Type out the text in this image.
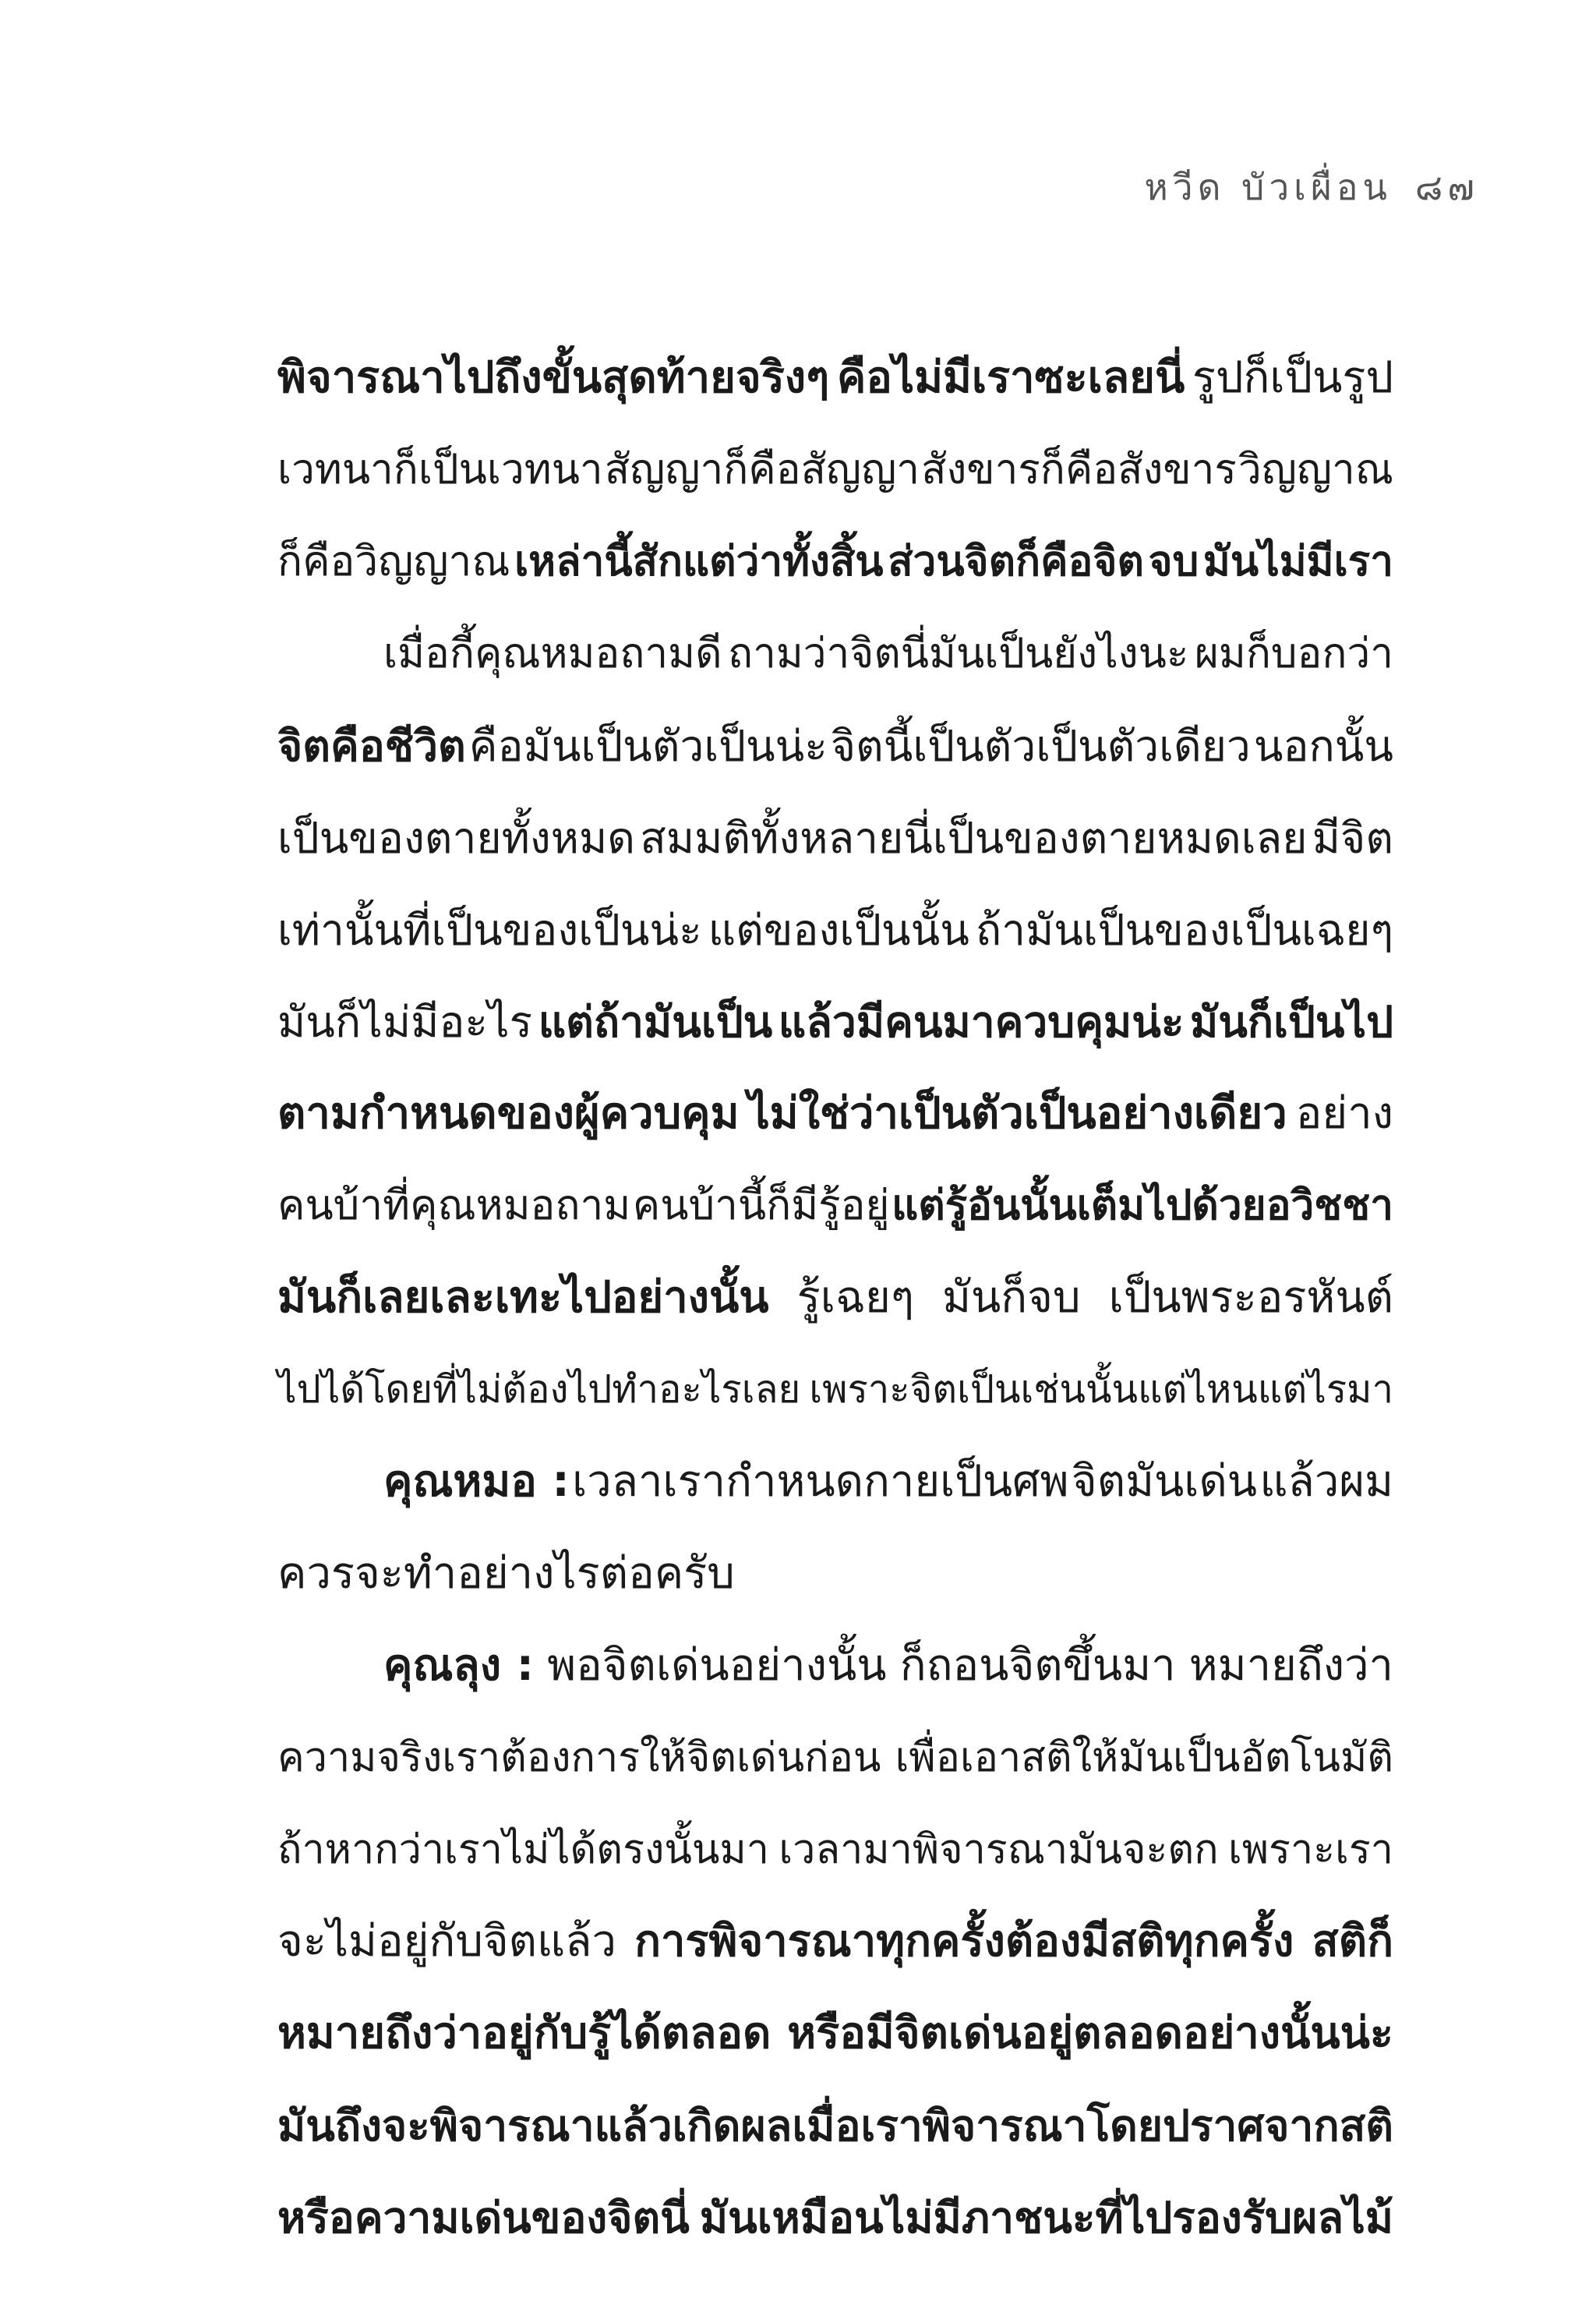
หวีด บัวเผื่อน ๘๗
พิจารณาไปถึงขั้นสุดท้ายจริงๆ คือไม่มีเราซะเลยนี่ รูปก็เป็นรูป
เวทนาก็เป็นเวทนา สัญญาก็คือสัญญา สังขารก็คือสังขาร วิญญาณ
ก็คือวิญญาณ เหล่านี้สักแต่ว่าทั้งสิ้น ส่วนจิตก็คือจิต จบ มันไม่มีเรา
เมื่อกี้คุณหมอถามดี ถามว่าจิตนี่มันเป็นยังไงนะ ผมก็บอกว่า
จิตคือชีวิต คือมันเป็นตัวเป็นน่ะ จิตนี้เป็นตัวเป็นตัวเดียว นอกนั้น
เป็นของตายทั้งหมด สมมติทั้งหลายนี่เป็นของตายหมดเลย มีจิต
เท่านั้นที่เป็นของเป็นน่ะ แต่ของเป็นนั้น ถ้ามันเป็นของเป็นเฉยๆ
มันก็ไม่มีอะไร แต่ถ้ามันเป็น แล้วมีคนมาควบคุมน่ะ มันก็เป็นไป
ตามกำหนดของผู้ควบคุม ไม่ใช่ว่าเป็นตัวเป็นอย่างเดียว อย่าง
คนบ้าที่คุณหมอถาม คนบ้านี้ก็มีรู้อยู่ แต่รู้อันนั้นเต็มไปด้วยอวิชชา
มันก็เลยเละเทะไปอย่างนั้น รู้เฉยๆ มันก็จบ เป็นพระอรหันต์
ไปได้โดยที่ไม่ต้องไปทำอะไรเลย เพราะจิตเป็นเช่นนั้นแต่ไหนแต่ไรมา
คุณหมอ : เวลาเรากำหนดกายเป็นศพ จิตมันเด่น แล้วผม
ควรจะทำอย่างไรต่อครับ
คุณลุง : พอจิตเด่นอย่างนั้น ก็ถอนจิตขึ้นมา หมายถึงว่า
ความจริงเราต้องการให้จิตเด่นก่อน เพื่อเอาสติให้มันเป็นอัตโนมัติ
ถ้าหากว่าเราไม่ได้ตรงนั้นมา เวลามาพิจารณามันจะตก เพราะเรา
จะไม่อยู่กับจิตแล้ว การพิจารณาทุกครั้งต้องมีสติทุกครั้ง สติก็
หมายถึงว่าอยู่กับรู้ได้ตลอด หรือมีจิตเด่นอยู่ตลอดอย่างนั้นน่ะ
มันถึงจะพิจารณาแล้วเกิดผล เมื่อเราพิจารณาโดยปราศจากสติ
หรือความเด่นของจิตนี่ มันเหมือนไม่มีภาชนะที่ไปรองรับผลไม้
